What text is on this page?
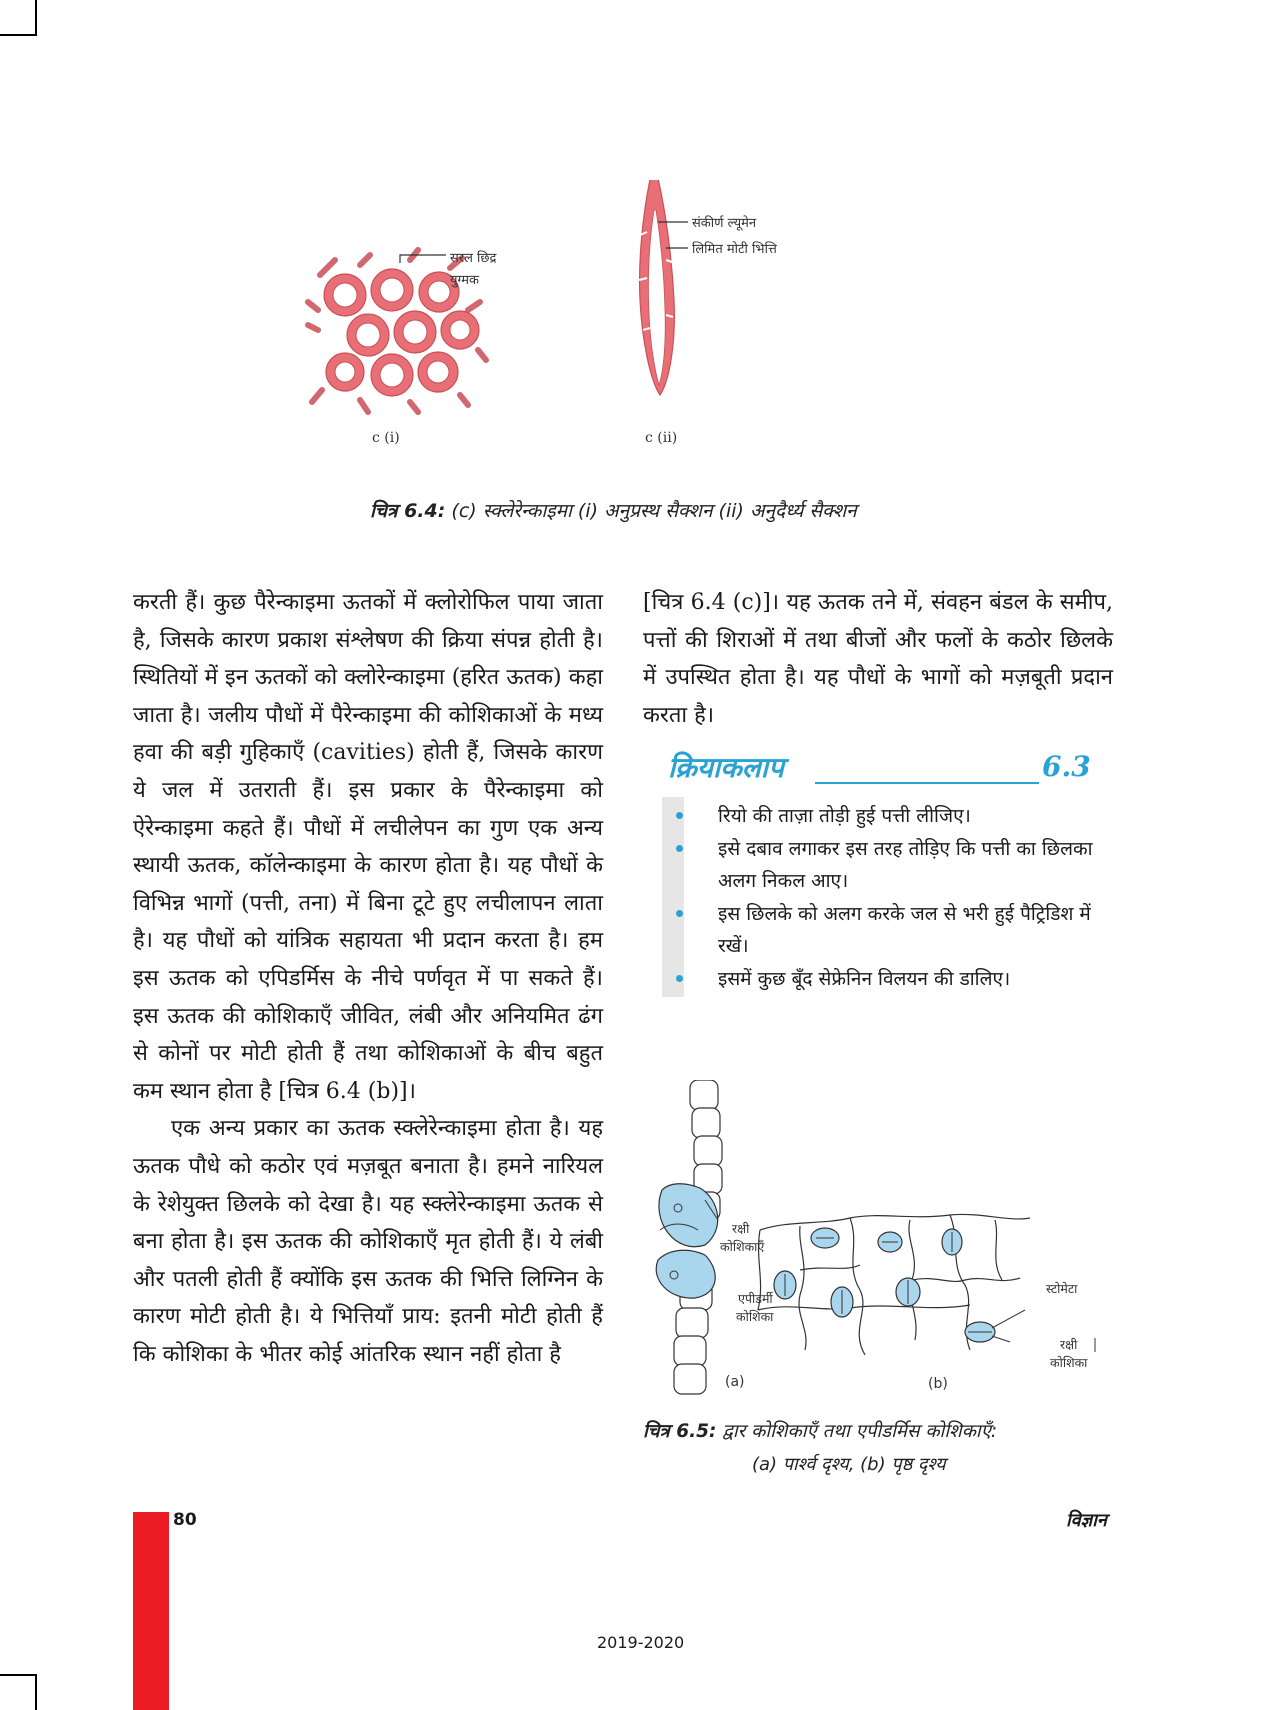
सरल छिद्र
युग्मक
संकीर्ण ल्यूमेन
लिमित मोटी भित्ति
c (i)	c (ii)
चित्र 6.4: (c) स्क्लेरेन्काइमा (i) अनुप्रस्थ सैक्शन (ii) अनुदैर्ध्य सैक्शन

करती हैं। कुछ पैरेन्काइमा ऊतकों में क्लोरोफिल पाया जाता है, जिसके कारण प्रकाश संश्लेषण की क्रिया संपन्न होती है। स्थितियों में इन ऊतकों को क्लोरेन्काइमा (हरित ऊतक) कहा जाता है। जलीय पौधों में पैरेन्काइमा की कोशिकाओं के मध्य हवा की बड़ी गुहिकाएँ (cavities) होती हैं, जिसके कारण ये जल में उतराती हैं। इस प्रकार के पैरेन्काइमा को ऐरेन्काइमा कहते हैं। पौधों में लचीलेपन का गुण एक अन्य स्थायी ऊतक, कॉलेन्काइमा के कारण होता है। यह पौधों के विभिन्न भागों (पत्ती, तना) में बिना टूटे हुए लचीलापन लाता है। यह पौधों को यांत्रिक सहायता भी प्रदान करता है। हम इस ऊतक को एपिडर्मिस के नीचे पर्णवृत में पा सकते हैं। इस ऊतक की कोशिकाएँ जीवित, लंबी और अनियमित ढंग से कोनों पर मोटी होती हैं तथा कोशिकाओं के बीच बहुत कम स्थान होता है [चित्र 6.4 (b)]।

एक अन्य प्रकार का ऊतक स्क्लेरेन्काइमा होता है। यह ऊतक पौधे को कठोर एवं मज़बूत बनाता है। हमने नारियल के रेशेयुक्त छिलके को देखा है। यह स्क्लेरेन्काइमा ऊतक से बना होता है। इस ऊतक की कोशिकाएँ मृत होती हैं। ये लंबी और पतली होती हैं क्योंकि इस ऊतक की भित्ति लिग्निन के कारण मोटी होती है। ये भित्तियाँ प्राय: इतनी मोटी होती हैं कि कोशिका के भीतर कोई आंतरिक स्थान नहीं होता है

[चित्र 6.4 (c)]। यह ऊतक तने में, संवहन बंडल के समीप, पत्तों की शिराओं में तथा बीजों और फलों के कठोर छिलके में उपस्थित होता है। यह पौधों के भागों को मज़बूती प्रदान करता है।

क्रियाकलाप	6.3
रियो की ताज़ा तोड़ी हुई पत्ती लीजिए।
इसे दबाव लगाकर इस तरह तोड़िए कि पत्ती का छिलका अलग निकल आए।
इस छिलके को अलग करके जल से भरी हुई पैट्रिडिश में रखें।
इसमें कुछ बूँद सेफ्रेनिन विलयन की डालिए।
रक्षी
कोशिकाएँ
एपीडर्मी
कोशिका
स्टोमेटा
रक्षी
कोशिका
(a)	(b)
चित्र 6.5: द्वार कोशिकाएँ तथा एपीडर्मिस कोशिकाएँ:
(a) पार्श्व दृश्य, (b) पृष्ठ दृश्य
80	विज्ञान
2019-2020
